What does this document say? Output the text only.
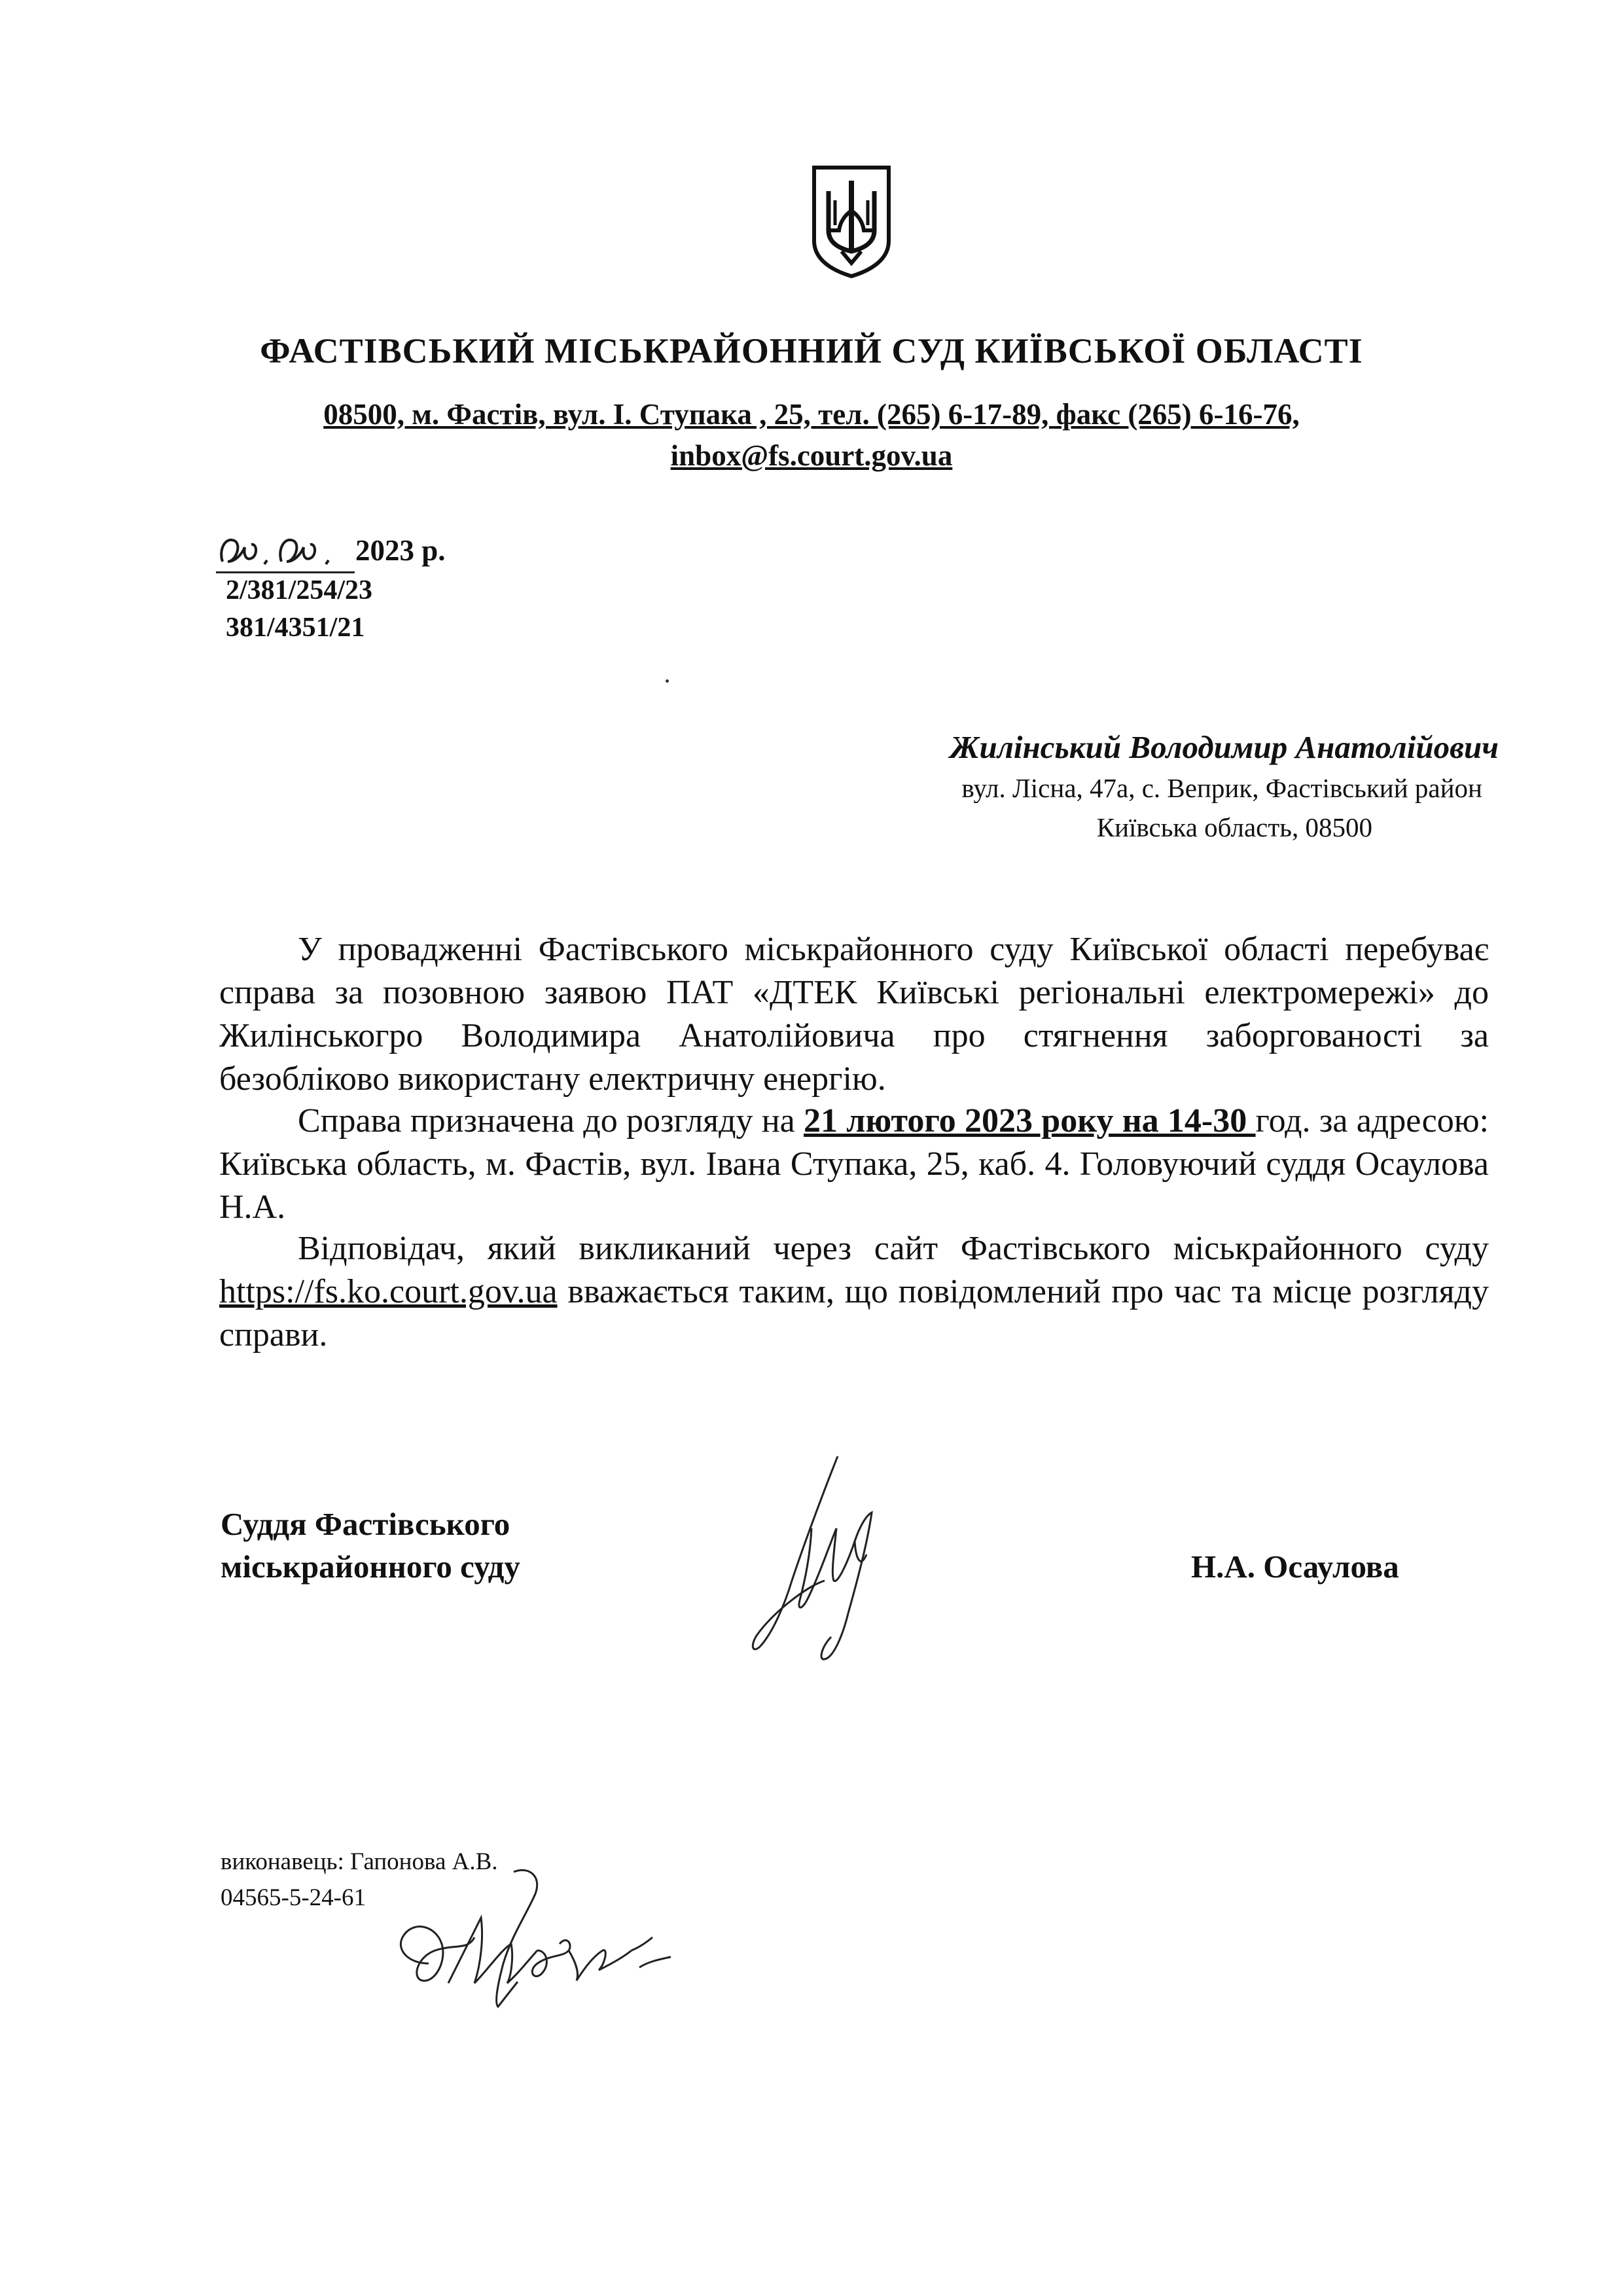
ФАСТІВСЬКИЙ МІСЬКРАЙОННИЙ СУД КИЇВСЬКОЇ ОБЛАСТІ
08500, м. Фастів, вул. І. Ступака , 25, тел. (265) 6-17-89, факс (265) 6-16-76,
inbox@fs.court.gov.ua
2023 р.
2/381/254/23
381/4351/21
Жилінський Володимир Анатолійович
вул. Лісна, 47а, с. Веприк, Фастівський район
Київська область, 08500
У провадженні Фастівського міськрайонного суду Київської області перебуває справа за позовною заявою ПАТ «ДТЕК Київські регіональні електромережі» до Жилінськогро Володимира Анатолійовича про стягнення заборгованості за безобліково використану електричну енергію.
Справа призначена до розгляду на 21 лютого 2023 року на 14-30 год. за адресою: Київська область, м. Фастів, вул. Івана Ступака, 25, каб. 4. Головуючий суддя Осаулова Н.А.
Відповідач, який викликаний через сайт Фастівського міськрайонного суду https://fs.ko.court.gov.ua вважається таким, що повідомлений про час та місце розгляду справи.
Суддя Фастівського
міськрайонного суду	Н.А. Осаулова
виконавець: Гапонова А.В.
04565-5-24-61
